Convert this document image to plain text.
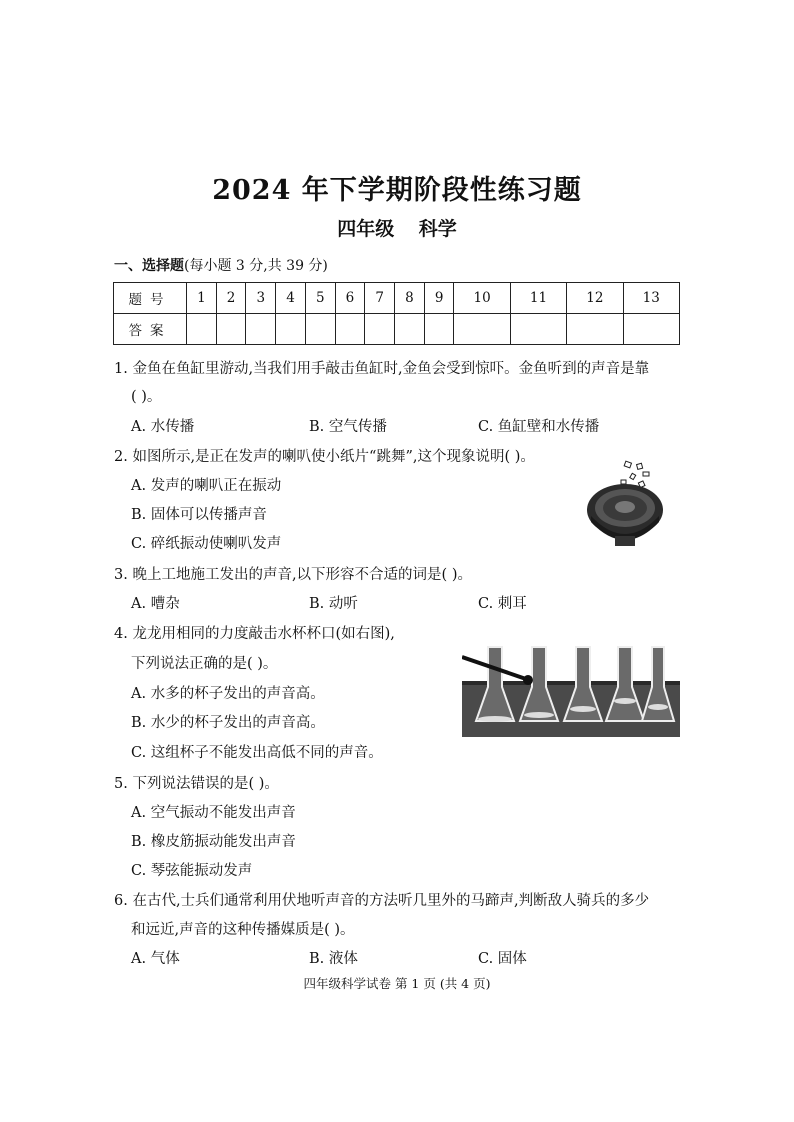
2024 年下学期阶段性练习题
四年级 科学
一、选择题(每小题 3 分,共 39 分)
题号	1	2	3	4	5	6	7	8	9	10	11	12	13
答案													
1. 金鱼在鱼缸里游动,当我们用手敲击鱼缸时,金鱼会受到惊吓。金鱼听到的声音是靠
( )。
A. 水传播	B. 空气传播	C. 鱼缸壁和水传播
2. 如图所示,是正在发声的喇叭使小纸片“跳舞”,这个现象说明( )。
A. 发声的喇叭正在振动
B. 固体可以传播声音
C. 碎纸振动使喇叭发声
3. 晚上工地施工发出的声音,以下形容不合适的词是( )。
A. 嘈杂	B. 动听	C. 刺耳
4. 龙龙用相同的力度敲击水杯杯口(如右图),
下列说法正确的是( )。
A. 水多的杯子发出的声音高。
B. 水少的杯子发出的声音高。
C. 这组杯子不能发出高低不同的声音。
5. 下列说法错误的是( )。
A. 空气振动不能发出声音
B. 橡皮筋振动能发出声音
C. 琴弦能振动发声
6. 在古代,士兵们通常利用伏地听声音的方法听几里外的马蹄声,判断敌人骑兵的多少
和远近,声音的这种传播媒质是( )。
A. 气体	B. 液体	C. 固体
四年级科学试卷 第 1 页 (共 4 页)
